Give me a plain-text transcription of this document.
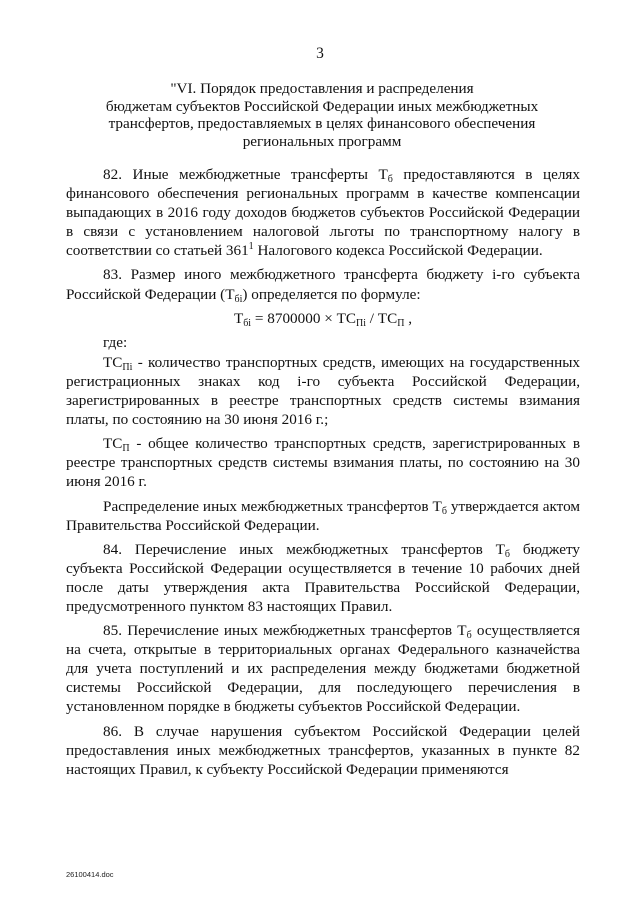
3
"VI. Порядок предоставления и распределения
бюджетам субъектов Российской Федерации иных межбюджетных
трансфертов, предоставляемых в целях финансового обеспечения
региональных программ

82. Иные межбюджетные трансферты $Т_б$ предоставляются в целях финансового обеспечения региональных программ в качестве компенсации выпадающих в 2016 году доходов бюджетов субъектов Российской Федерации в связи с установлением налоговой льготы по транспортному налогу в соответствии со статьей $361^1$ Налогового кодекса Российской Федерации.

83. Размер иного межбюджетного трансферта бюджету i-го субъекта Российской Федерации $(Т_{бi})$ определяется по формуле:

$Т_{бi} = 8700000 \times ТС_{Пi} / ТС_П$ ,

где:

$ТС_{Пi}$ - количество транспортных средств, имеющих на государственных регистрационных знаках код i-го субъекта Российской Федерации, зарегистрированных в реестре транспортных средств системы взимания платы, по состоянию на 30 июня 2016 г.;

$ТС_П$ - общее количество транспортных средств, зарегистрированных в реестре транспортных средств системы взимания платы, по состоянию на 30 июня 2016 г.

Распределение иных межбюджетных трансфертов $Т_б$ утверждается актом Правительства Российской Федерации.

84. Перечисление иных межбюджетных трансфертов $Т_б$ бюджету субъекта Российской Федерации осуществляется в течение 10 рабочих дней после даты утверждения акта Правительства Российской Федерации, предусмотренного пунктом 83 настоящих Правил.

85. Перечисление иных межбюджетных трансфертов $Т_б$ осуществляется на счета, открытые в территориальных органах Федерального казначейства для учета поступлений и их распределения между бюджетами бюджетной системы Российской Федерации, для последующего перечисления в установленном порядке в бюджеты субъектов Российской Федерации.

86. В случае нарушения субъектом Российской Федерации целей предоставления иных межбюджетных трансфертов, указанных в пункте 82 настоящих Правил, к субъекту Российской Федерации применяются

26100414.doc
